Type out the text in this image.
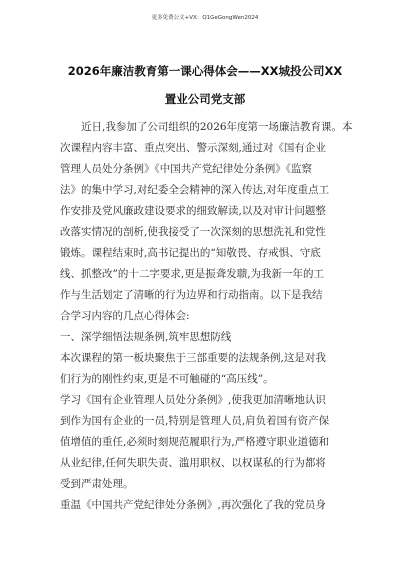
更多免费公文+VX：Q1GeGongWen2024
2026年廉洁教育第一课心得体会——XX城投公司XX
置业公司党支部

近日,我参加了公司组织的2026年度第一场廉洁教育课。本

次课程内容丰富、重点突出、警示深刻,通过对《国有企业

管理人员处分条例》《中国共产党纪律处分条例》《监察

法》的集中学习,对纪委全会精神的深入传达,对年度重点工

作安排及党风廉政建设要求的细致解读,以及对审计问题整

改落实情况的剖析,使我接受了一次深刻的思想洗礼和党性

锻炼。课程结束时,高书记提出的“知敬畏、存戒惧、守底

线、抓整改”的十二字要求,更是振聋发聩,为我新一年的工

作与生活划定了清晰的行为边界和行动指南。以下是我结

合学习内容的几点心得体会:

一、深学细悟法规条例,筑牢思想防线

本次课程的第一板块聚焦于三部重要的法规条例,这是对我

们行为的刚性约束,更是不可触碰的“高压线”。

学习《国有企业管理人员处分条例》,使我更加清晰地认识

到作为国有企业的一员,特别是管理人员,肩负着国有资产保

值增值的重任,必须时刻规范履职行为,严格遵守职业道德和

从业纪律,任何失职失责、滥用职权、以权谋私的行为都将

受到严肃处理。

重温《中国共产党纪律处分条例》,再次强化了我的党员身
